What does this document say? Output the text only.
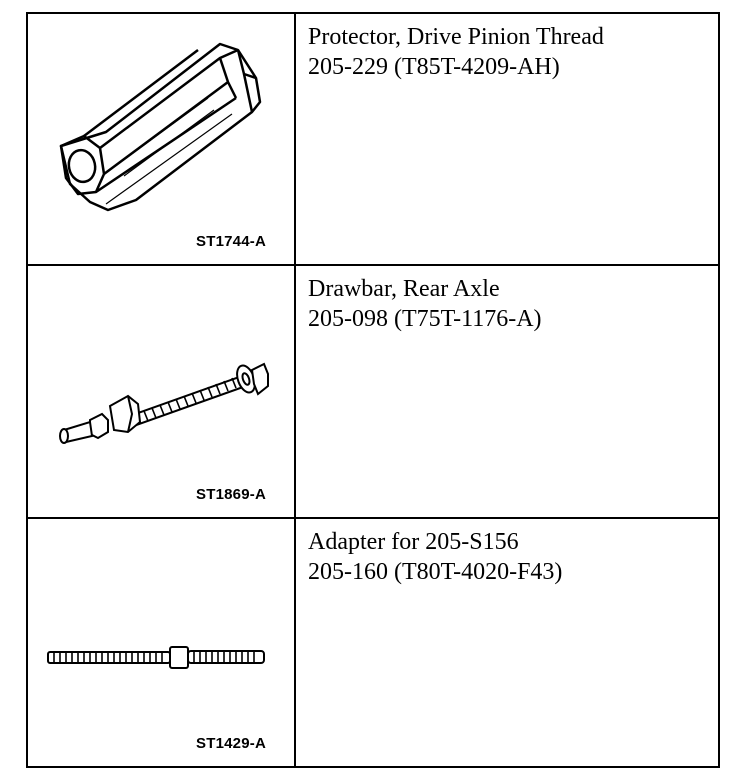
ST1744-A
Protector, Drive Pinion Thread
205-229 (T85T-4209-AH)
ST1869-A
Drawbar, Rear Axle
205-098 (T75T-1176-A)
ST1429-A
Adapter for 205-S156
205-160 (T80T-4020-F43)
